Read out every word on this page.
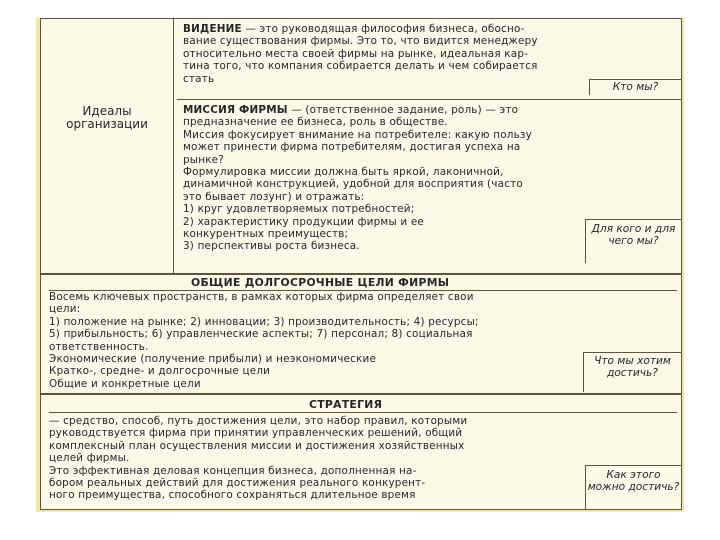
Идеалы
организации

ВИДЕНИЕ — это руководящая философия бизнеса, обосно-
вание существования фирмы. Это то, что видится менеджеру
относительно места своей фирмы на рынке, идеальная кар-
тина того, что компания собирается делать и чем собирается
стать

Кто мы?

МИССИЯ ФИРМЫ — (ответственное задание, роль) — это
предназначение ее бизнеса, роль в обществе.
Миссия фокусирует внимание на потребителе: какую пользу
может принести фирма потребителям, достигая успеха на
рынке?
Формулировка миссии должна быть яркой, лаконичной,
динамичной конструкцией, удобной для восприятия (часто
это бывает лозунг) и отражать:
1) круг удовлетворяемых потребностей;
2) характеристику продукции фирмы и ее
конкурентных преимуществ;
3) перспективы роста бизнеса.

Для кого и для чего мы?
ОБЩИЕ ДОЛГОСРОЧНЫЕ ЦЕЛИ ФИРМЫ

Восемь ключевых пространств, в рамках которых фирма определяет свои
цели:
1) положение на рынке; 2) инновации; 3) производительность; 4) ресурсы;
5) прибыльность; 6) управленческие аспекты; 7) персонал; 8) социальная
ответственность.
Экономические (получение прибыли) и неэкономические
Кратко-, средне- и долгосрочные цели
Общие и конкретные цели

Что мы хотим достичь?
СТРАТЕГИЯ

— средство, способ, путь достижения цели, это набор правил, которыми
руководствуется фирма при принятии управленческих решений, общий
комплексный план осуществления миссии и достижения хозяйственных
целей фирмы.
Это эффективная деловая концепция бизнеса, дополненная на-
бором реальных действий для достижения реального конкурент-
ного преимущества, способного сохраняться длительное время

Как этого можно достичь?
